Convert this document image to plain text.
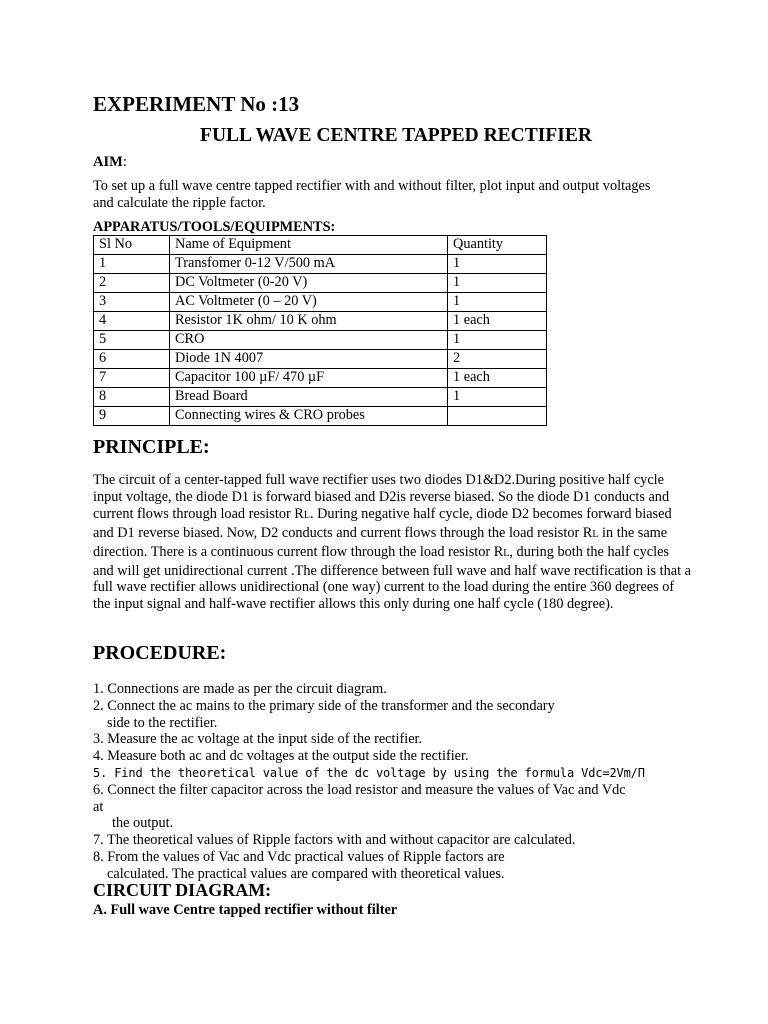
EXPERIMENT No :13
FULL WAVE CENTRE TAPPED RECTIFIER
AIM:
To set up a full wave centre tapped rectifier with and without filter, plot input and output voltages and calculate the ripple factor.
APPARATUS/TOOLS/EQUIPMENTS:
Sl No	Name of Equipment	Quantity
1	Transfomer 0-12 V/500 mA	1
2	DC Voltmeter (0-20 V)	1
3	AC Voltmeter (0 – 20 V)	1
4	Resistor 1K ohm/ 10 K ohm	1 each
5	CRO	1
6	Diode 1N 4007	2
7	Capacitor 100 µF/ 470 µF	1 each
8	Bread Board	1
9	Connecting wires & CRO probes	
PRINCIPLE:
The circuit of a center-tapped full wave rectifier uses two diodes D1&D2.During positive half cycle input voltage, the diode D1 is forward biased and D2is reverse biased. So the diode D1 conducts and current flows through load resistor RL. During negative half cycle, diode D2 becomes forward biased and D1 reverse biased. Now, D2 conducts and current flows through the load resistor RL in the same direction. There is a continuous current flow through the load resistor RL, during both the half cycles and will get unidirectional current .The difference between full wave and half wave rectification is that a full wave rectifier allows unidirectional (one way) current to the load during the entire 360 degrees of the input signal and half-wave rectifier allows this only during one half cycle (180 degree).
PROCEDURE:
1. Connections are made as per the circuit diagram.
2. Connect the ac mains to the primary side of the transformer and the secondary
side to the rectifier.
3. Measure the ac voltage at the input side of the rectifier.
4. Measure both ac and dc voltages at the output side the rectifier.
5. Find the theoretical value of the dc voltage by using the formula Vdc=2Vm/Π
6. Connect the filter capacitor across the load resistor and measure the values of Vac and Vdc
at
the output.
7. The theoretical values of Ripple factors with and without capacitor are calculated.
8. From the values of Vac and Vdc practical values of Ripple factors are
calculated. The practical values are compared with theoretical values.
CIRCUIT DIAGRAM:
A. Full wave Centre tapped rectifier without filter
